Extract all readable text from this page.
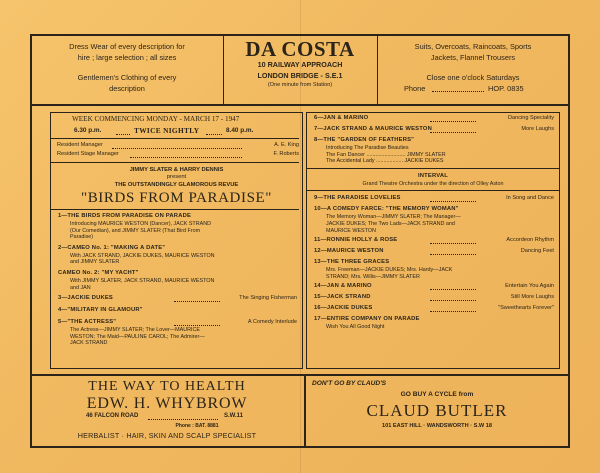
Dress Wear of every description for
hire ; large selection ; all sizes
Gentlemen's Clothing of every
description
DA COSTA
10 RAILWAY APPROACH
LONDON BRIDGE - S.E.1
(One minute from Station)
Suits, Overcoats, Raincoats, Sports
Jackets, Flannel Trousers
Close one o'clock Saturdays
Phone	HOP. 0835
WEEK COMMENCING MONDAY - MARCH 17 - 1947
6.30 p.m.	TWICE NIGHTLY	8.40 p.m.
Resident Manager	A. E. King
Resident Stage Manager	F. Roberts
JIMMY SLATER & HARRY DENNIS
present
THE OUTSTANDINGLY GLAMOROUS REVUE
"BIRDS FROM PARADISE"
1—THE BIRDS FROM PARADISE ON PARADE
Introducing MAURICE WESTON (Dancer), JACK STRAND
(Our Comedian), and JIMMY SLATER (That Bird From
Paradise)
2—CAMEO No. 1: "MAKING A DATE"
With JACK STRAND, JACKIE DUKES, MAURICE WESTON
and JIMMY SLATER
CAMEO No. 2: "MY YACHT"
With JIMMY SLATER, JACK STRAND, MAURICE WESTON
and JAN
3—JACKIE DUKES	The Singing Fisherman
4—"MILITARY IN GLAMOUR"
5—"THE ACTRESS"	A Comedy Interlude
The Actress—JIMMY SLATER; The Lover—MAURICE
WESTON; The Maid—PAULINE CAROL; The Admirer—
JACK STRAND
6—JAN & MARINO	Dancing Speciality
7—JACK STRAND & MAURICE WESTON	More Laughs
8—THE "GARDEN OF FEATHERS"
Introducing The Paradise Beauties
The Fan Dancer .......................... JIMMY SLATER
The Accidental Lady .................. JACKIE DUKES
INTERVAL
Grand Theatre Orchestra under the direction of Olley Aston
9—THE PARADISE LOVELIES	In Song and Dance
10—A COMEDY FARCE: "THE MEMORY WOMAN"
The Memory Woman—JIMMY SLATER; The Manager—
JACKIE DUKES; The Two Lads—JACK STRAND and
MAURICE WESTON
11—RONNIE HOLLY & ROSE	Accordeon Rhythm
12—MAURICE WESTON	Dancing Feet
13—THE THREE GRACES
Mrs. Freeman—JACKIE DUKES; Mrs. Hardy—JACK
STRAND; Mrs. Willis—JIMMY SLATER
14—JAN & MARINO	Entertain You Again
15—JACK STRAND	Still More Laughs
16—JACKIE DUKES	"Sweethearts Forever"
17—ENTIRE COMPANY ON PARADE
Wish You All Good Night
THE WAY TO HEALTH
EDW. H. WHYBROW
46 FALCON ROAD	S.W.11
Phone : BAT. 8881
HERBALIST · HAIR, SKIN AND SCALP SPECIALIST
DON'T GO BY CLAUD'S
GO BUY A CYCLE from
CLAUD BUTLER
101 EAST HILL · WANDSWORTH · S.W 18
